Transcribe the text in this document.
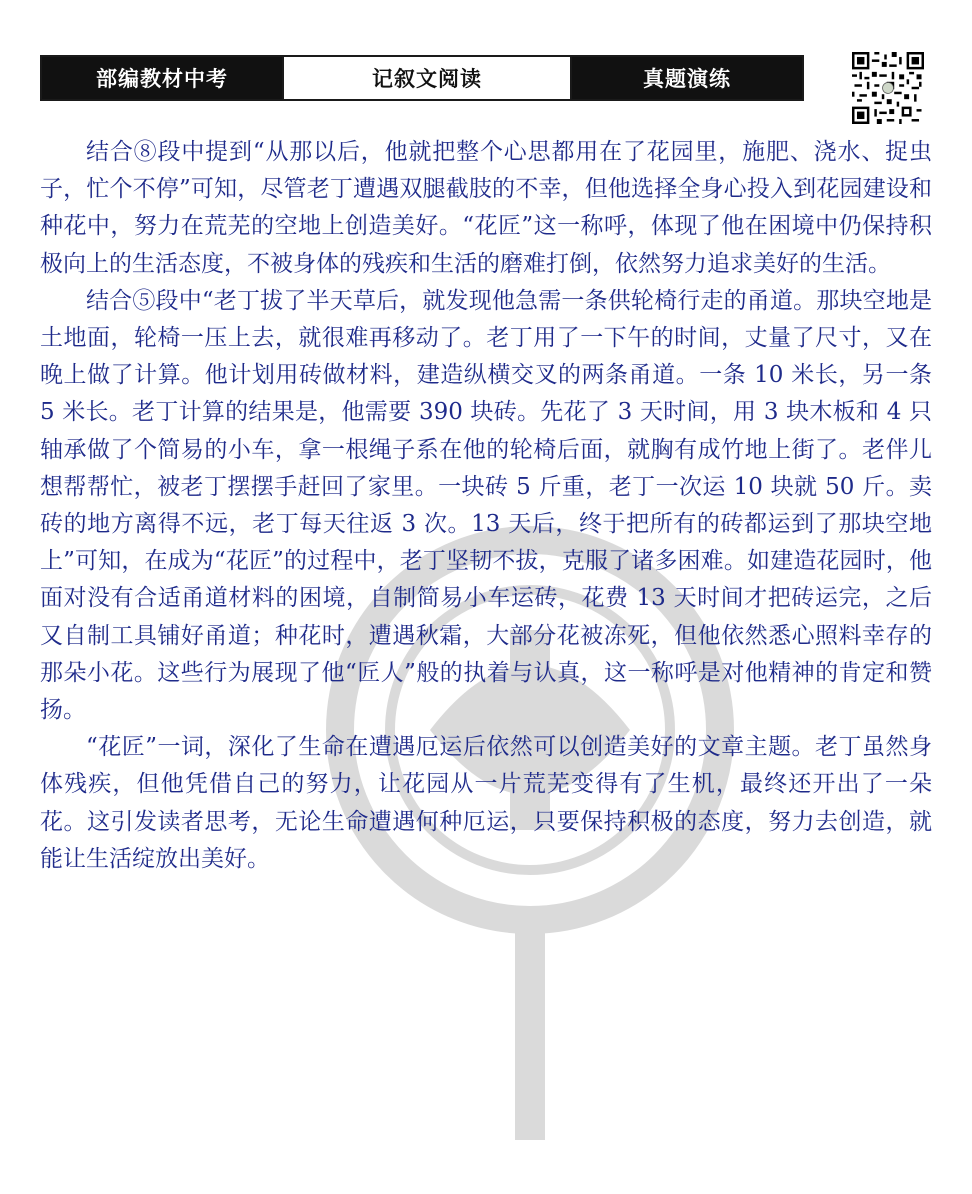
部编教材中考	记叙文阅读	真题演练

结合⑧段中提到“从那以后，他就把整个心思都用在了花园里，施肥、浇水、捉虫子，忙个不停”可知，尽管老丁遭遇双腿截肢的不幸，但他选择全身心投入到花园建设和种花中，努力在荒芜的空地上创造美好。“花匠”这一称呼，体现了他在困境中仍保持积极向上的生活态度，不被身体的残疾和生活的磨难打倒，依然努力追求美好的生活。

结合⑤段中“老丁拔了半天草后，就发现他急需一条供轮椅行走的甬道。那块空地是土地面，轮椅一压上去，就很难再移动了。老丁用了一下午的时间，丈量了尺寸，又在晚上做了计算。他计划用砖做材料，建造纵横交叉的两条甬道。一条 10 米长，另一条 5 米长。老丁计算的结果是，他需要 390 块砖。先花了 3 天时间，用 3 块木板和 4 只轴承做了个简易的小车，拿一根绳子系在他的轮椅后面，就胸有成竹地上街了。老伴儿想帮帮忙，被老丁摆摆手赶回了家里。一块砖 5 斤重，老丁一次运 10 块就 50 斤。卖砖的地方离得不远，老丁每天往返 3 次。13 天后，终于把所有的砖都运到了那块空地上”可知，在成为“花匠”的过程中，老丁坚韧不拔，克服了诸多困难。如建造花园时，他面对没有合适甬道材料的困境，自制简易小车运砖，花费 13 天时间才把砖运完，之后又自制工具铺好甬道；种花时，遭遇秋霜，大部分花被冻死，但他依然悉心照料幸存的那朵小花。这些行为展现了他“匠人”般的执着与认真，这一称呼是对他精神的肯定和赞扬。

“花匠”一词，深化了生命在遭遇厄运后依然可以创造美好的文章主题。老丁虽然身体残疾，但他凭借自己的努力，让花园从一片荒芜变得有了生机，最终还开出了一朵花。这引发读者思考，无论生命遭遇何种厄运，只要保持积极的态度，努力去创造，就能让生活绽放出美好。
